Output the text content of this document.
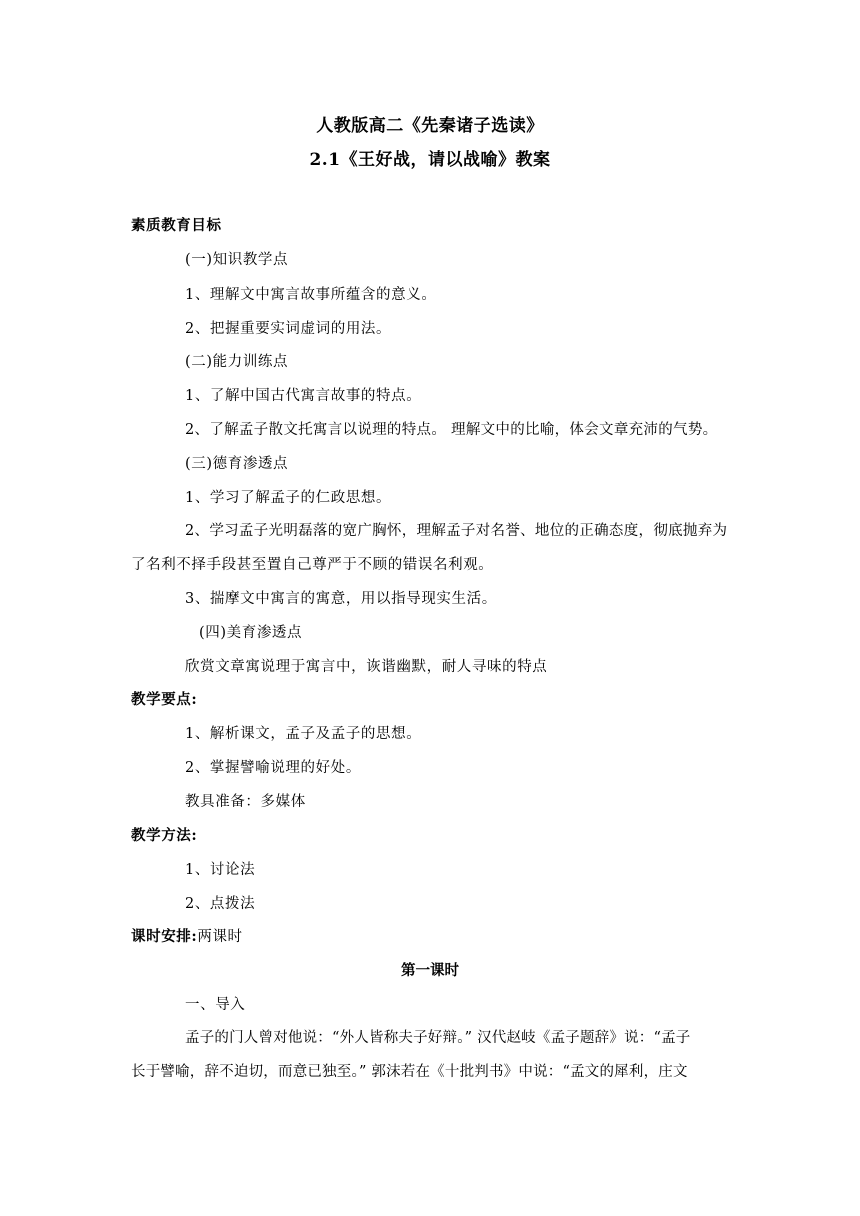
人教版高二《先秦诸子选读》
2.1《王好战，请以战喻》教案
素质教育目标
(一)知识教学点
1、理解文中寓言故事所蕴含的意义。
2、把握重要实词虚词的用法。
(二)能力训练点
1、了解中国古代寓言故事的特点。
2、了解孟子散文托寓言以说理的特点。 理解文中的比喻，体会文章充沛的气势。
(三)德育渗透点
1、学习了解孟子的仁政思想。
2、学习孟子光明磊落的宽广胸怀，理解孟子对名誉、地位的正确态度，彻底抛弃为
了名利不择手段甚至置自己尊严于不顾的错误名利观。
3、揣摩文中寓言的寓意，用以指导现实生活。
(四)美育渗透点
欣赏文章寓说理于寓言中，诙谐幽默，耐人寻味的特点
教学要点:
1、解析课文，孟子及孟子的思想。
2、掌握譬喻说理的好处。
教具准备：多媒体
教学方法:
1、讨论法
2、点拨法
课时安排:两课时
第一课时
一、导入
孟子的门人曾对他说：“外人皆称夫子好辩。” 汉代赵岐《孟子题辞》说：“孟子
长于譬喻，辞不迫切，而意已独至。” 郭沫若在《十批判书》中说：“孟文的犀利，庄文
